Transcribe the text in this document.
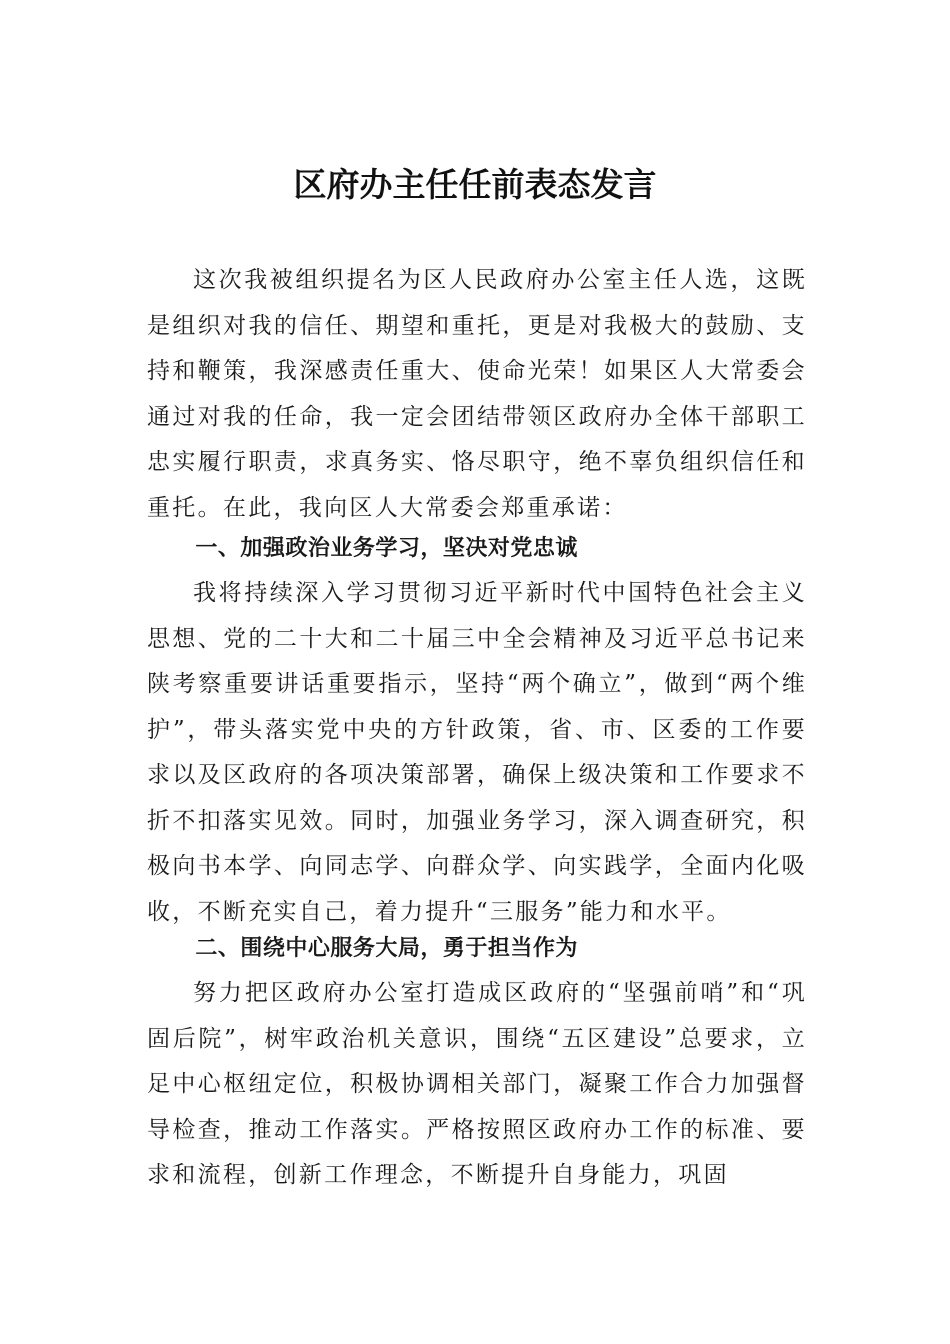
区府办主任任前表态发言

这次我被组织提名为区人民政府办公室主任人选，这既是组织对我的信任、期望和重托，更是对我极大的鼓励、支持和鞭策，我深感责任重大、使命光荣！如果区人大常委会通过对我的任命，我一定会团结带领区政府办全体干部职工忠实履行职责，求真务实、恪尽职守，绝不辜负组织信任和重托。在此，我向区人大常委会郑重承诺：

一、加强政治业务学习，坚决对党忠诚

我将持续深入学习贯彻习近平新时代中国特色社会主义思想、党的二十大和二十届三中全会精神及习近平总书记来陕考察重要讲话重要指示，坚持“两个确立”，做到“两个维护”，带头落实党中央的方针政策，省、市、区委的工作要求以及区政府的各项决策部署，确保上级决策和工作要求不折不扣落实见效。同时，加强业务学习，深入调查研究，积极向书本学、向同志学、向群众学、向实践学，全面内化吸收，不断充实自己，着力提升“三服务”能力和水平。

二、围绕中心服务大局，勇于担当作为

努力把区政府办公室打造成区政府的“坚强前哨”和“巩固后院”，树牢政治机关意识，围绕“五区建设”总要求，立足中心枢纽定位，积极协调相关部门，凝聚工作合力加强督导检查，推动工作落实。严格按照区政府办工作的标准、要求和流程，创新工作理念，不断提升自身能力，巩固
